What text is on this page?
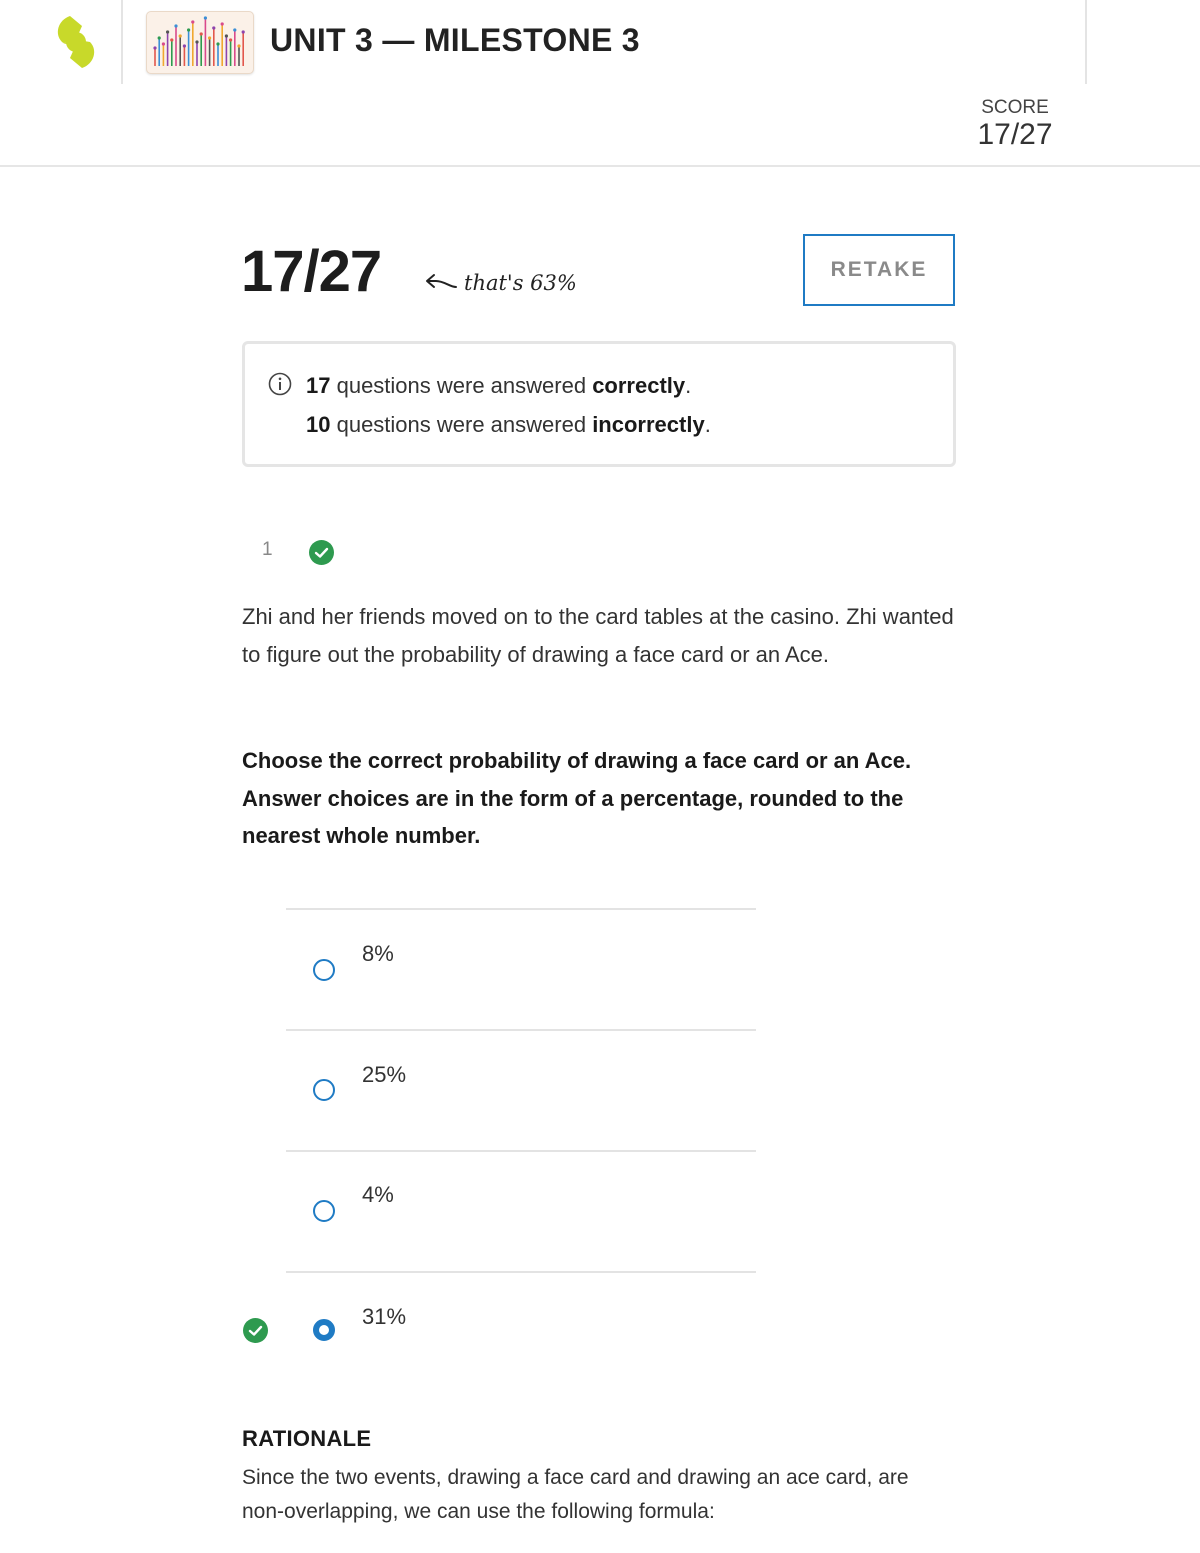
UNIT 3 — MILESTONE 3
SCORE
17/27
17/27	that's 63%
RETAKE
17 questions were answered correctly.
10 questions were answered incorrectly.
1
Zhi and her friends moved on to the card tables at the casino. Zhi wanted to figure out the probability of drawing a face card or an Ace.
Choose the correct probability of drawing a face card or an Ace. Answer choices are in the form of a percentage, rounded to the nearest whole number.
8%
25%
4%
31%
RATIONALE
Since the two events, drawing a face card and drawing an ace card, are non-overlapping, we can use the following formula:
